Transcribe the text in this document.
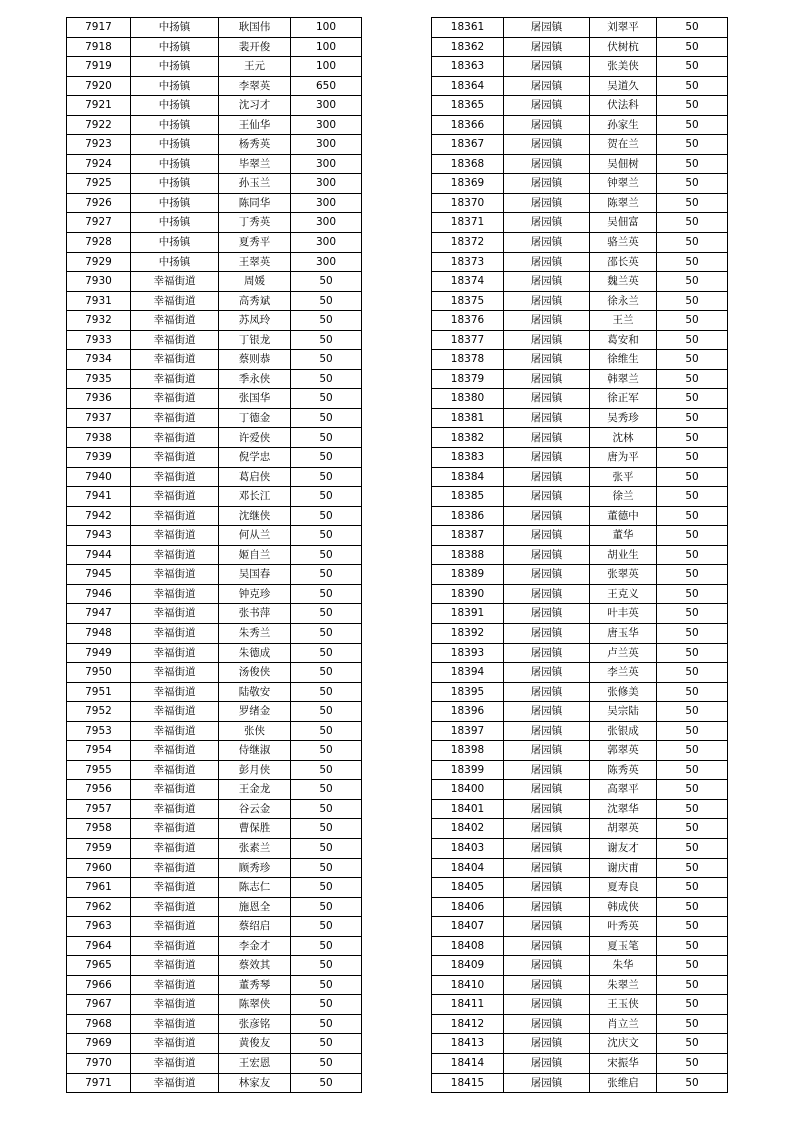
7917	中扬镇	耿国伟	100
7918	中扬镇	裴开俊	100
7919	中扬镇	王元	100
7920	中扬镇	李翠英	650
7921	中扬镇	沈习才	300
7922	中扬镇	王仙华	300
7923	中扬镇	杨秀英	300
7924	中扬镇	毕翠兰	300
7925	中扬镇	孙玉兰	300
7926	中扬镇	陈同华	300
7927	中扬镇	丁秀英	300
7928	中扬镇	夏秀平	300
7929	中扬镇	王翠英	300
7930	幸福街道	周媛	50
7931	幸福街道	高秀斌	50
7932	幸福街道	苏凤玲	50
7933	幸福街道	丁银龙	50
7934	幸福街道	蔡则恭	50
7935	幸福街道	季永侠	50
7936	幸福街道	张国华	50
7937	幸福街道	丁德金	50
7938	幸福街道	许爱侠	50
7939	幸福街道	倪学忠	50
7940	幸福街道	葛启侠	50
7941	幸福街道	邓长江	50
7942	幸福街道	沈继侠	50
7943	幸福街道	何从兰	50
7944	幸福街道	姬自兰	50
7945	幸福街道	吴国春	50
7946	幸福街道	钟克珍	50
7947	幸福街道	张书萍	50
7948	幸福街道	朱秀兰	50
7949	幸福街道	朱德成	50
7950	幸福街道	汤俊侠	50
7951	幸福街道	陆敬安	50
7952	幸福街道	罗绪金	50
7953	幸福街道	张侠	50
7954	幸福街道	侍继淑	50
7955	幸福街道	彭月侠	50
7956	幸福街道	王金龙	50
7957	幸福街道	谷云金	50
7958	幸福街道	曹保胜	50
7959	幸福街道	张素兰	50
7960	幸福街道	顾秀珍	50
7961	幸福街道	陈志仁	50
7962	幸福街道	施恩全	50
7963	幸福街道	蔡绍启	50
7964	幸福街道	李金才	50
7965	幸福街道	蔡效其	50
7966	幸福街道	董秀琴	50
7967	幸福街道	陈翠侠	50
7968	幸福街道	张彦铭	50
7969	幸福街道	黄俊友	50
7970	幸福街道	王宏恩	50
7971	幸福街道	林家友	50
18361	屠园镇	刘翠平	50
18362	屠园镇	伏树杭	50
18363	屠园镇	张美侠	50
18364	屠园镇	吴道久	50
18365	屠园镇	伏法科	50
18366	屠园镇	孙家生	50
18367	屠园镇	贺在兰	50
18368	屠园镇	吴佃树	50
18369	屠园镇	钟翠兰	50
18370	屠园镇	陈翠兰	50
18371	屠园镇	吴佃富	50
18372	屠园镇	骆兰英	50
18373	屠园镇	邵长英	50
18374	屠园镇	魏兰英	50
18375	屠园镇	徐永兰	50
18376	屠园镇	王兰	50
18377	屠园镇	葛安和	50
18378	屠园镇	徐维生	50
18379	屠园镇	韩翠兰	50
18380	屠园镇	徐正军	50
18381	屠园镇	吴秀珍	50
18382	屠园镇	沈林	50
18383	屠园镇	唐为平	50
18384	屠园镇	张平	50
18385	屠园镇	徐兰	50
18386	屠园镇	董德中	50
18387	屠园镇	董华	50
18388	屠园镇	胡业生	50
18389	屠园镇	张翠英	50
18390	屠园镇	王克义	50
18391	屠园镇	叶丰英	50
18392	屠园镇	唐玉华	50
18393	屠园镇	卢兰英	50
18394	屠园镇	李兰英	50
18395	屠园镇	张修美	50
18396	屠园镇	吴宗陆	50
18397	屠园镇	张银成	50
18398	屠园镇	郭翠英	50
18399	屠园镇	陈秀英	50
18400	屠园镇	高翠平	50
18401	屠园镇	沈翠华	50
18402	屠园镇	胡翠英	50
18403	屠园镇	谢友才	50
18404	屠园镇	谢庆甫	50
18405	屠园镇	夏寿良	50
18406	屠园镇	韩成侠	50
18407	屠园镇	叶秀英	50
18408	屠园镇	夏玉笔	50
18409	屠园镇	朱华	50
18410	屠园镇	朱翠兰	50
18411	屠园镇	王玉侠	50
18412	屠园镇	肖立兰	50
18413	屠园镇	沈庆文	50
18414	屠园镇	宋振华	50
18415	屠园镇	张维启	50
